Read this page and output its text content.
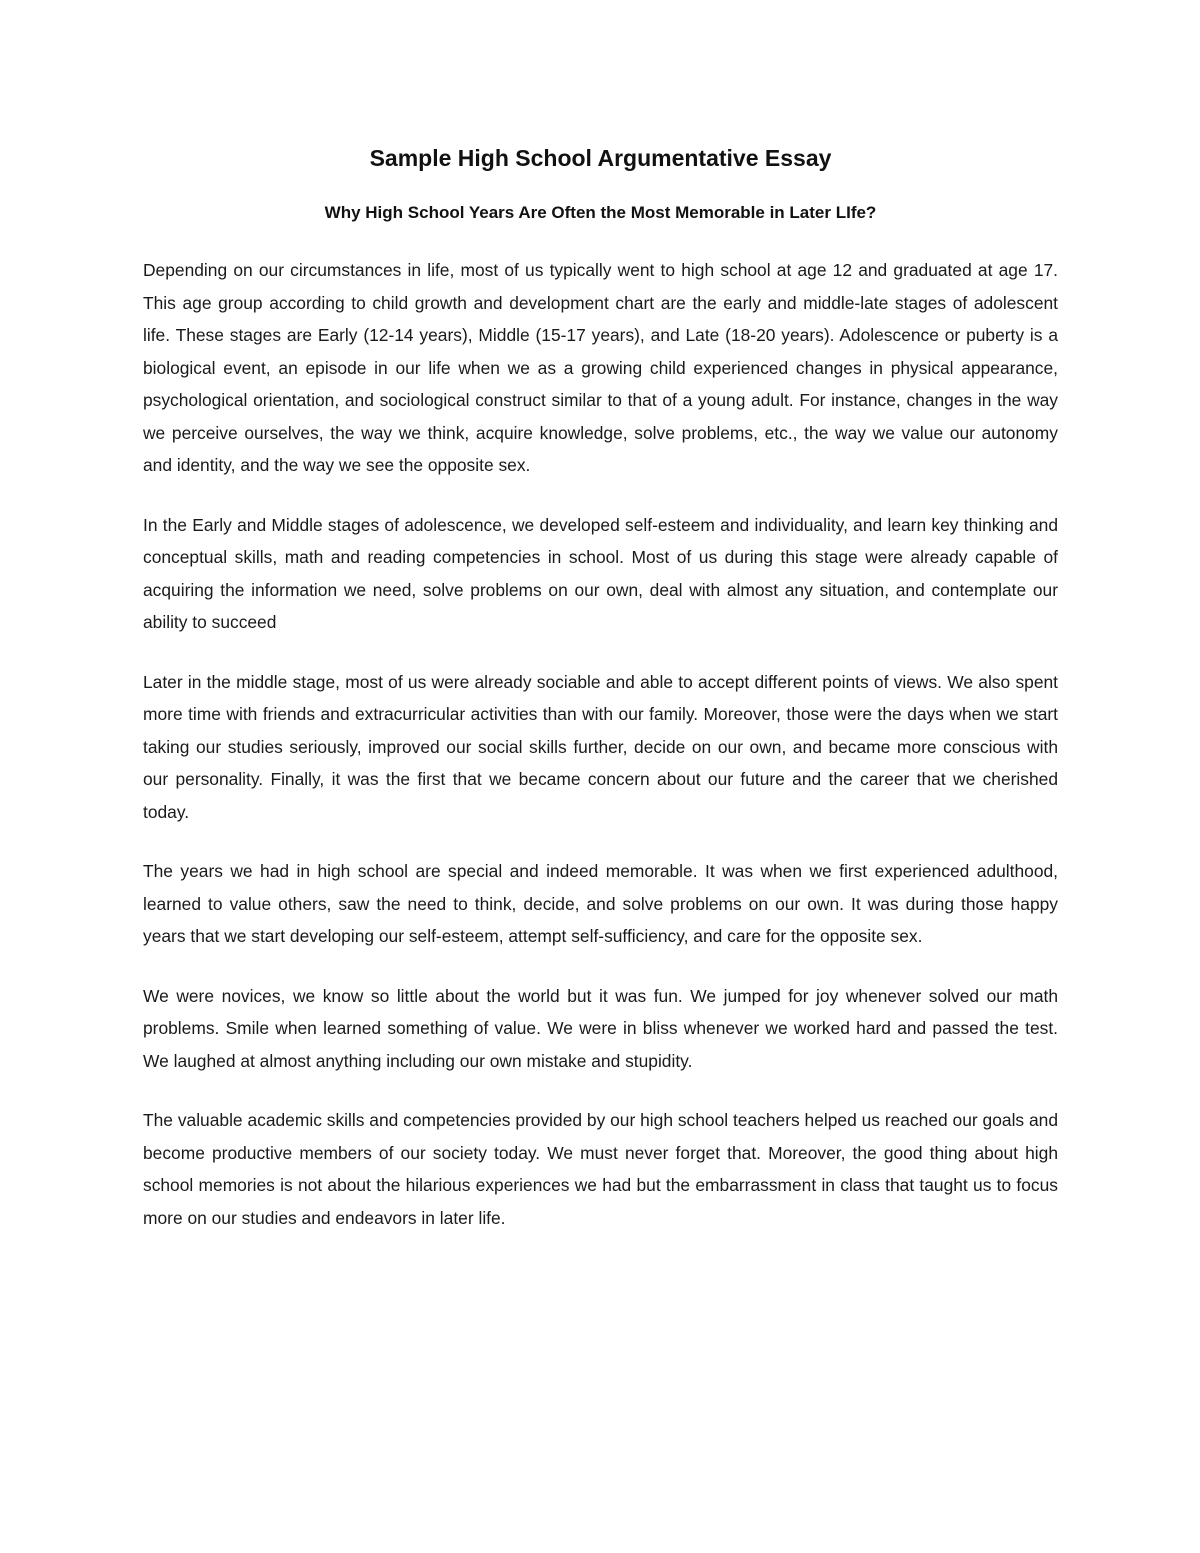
Sample High School Argumentative Essay
Why High School Years Are Often the Most Memorable in Later LIfe?

Depending on our circumstances in life, most of us typically went to high school at age 12 and graduated at age 17. This age group according to child growth and development chart are the early and middle-late stages of adolescent life. These stages are Early (12-14 years), Middle (15-17 years), and Late (18-20 years). Adolescence or puberty is a biological event, an episode in our life when we as a growing child experienced changes in physical appearance, psychological orientation, and sociological construct similar to that of a young adult. For instance, changes in the way we perceive ourselves, the way we think, acquire knowledge, solve problems, etc., the way we value our autonomy and identity, and the way we see the opposite sex.

In the Early and Middle stages of adolescence, we developed self-esteem and individuality, and learn key thinking and conceptual skills, math and reading competencies in school. Most of us during this stage were already capable of acquiring the information we need, solve problems on our own, deal with almost any situation, and contemplate our ability to succeed

Later in the middle stage, most of us were already sociable and able to accept different points of views. We also spent more time with friends and extracurricular activities than with our family. Moreover, those were the days when we start taking our studies seriously, improved our social skills further, decide on our own, and became more conscious with our personality. Finally, it was the first that we became concern about our future and the career that we cherished today.

The years we had in high school are special and indeed memorable. It was when we first experienced adulthood, learned to value others, saw the need to think, decide, and solve problems on our own. It was during those happy years that we start developing our self-esteem, attempt self-sufficiency, and care for the opposite sex.

We were novices, we know so little about the world but it was fun. We jumped for joy whenever solved our math problems. Smile when learned something of value. We were in bliss whenever we worked hard and passed the test. We laughed at almost anything including our own mistake and stupidity.

The valuable academic skills and competencies provided by our high school teachers helped us reached our goals and become productive members of our society today. We must never forget that. Moreover, the good thing about high school memories is not about the hilarious experiences we had but the embarrassment in class that taught us to focus more on our studies and endeavors in later life.
